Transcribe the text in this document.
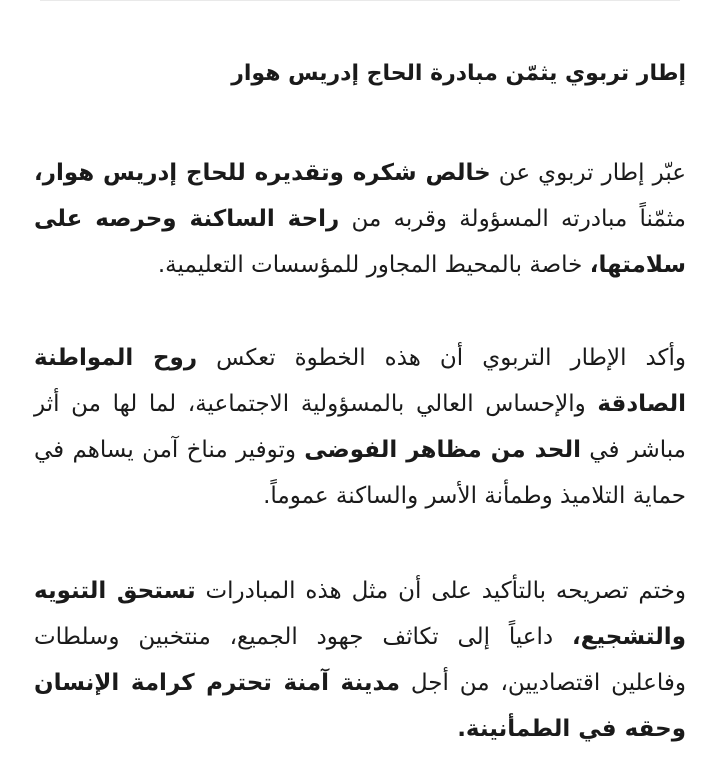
إطار تربوي يثمّن مبادرة الحاج إدريس هوار

عبّر إطار تربوي عن خالص شكره وتقديره للحاج إدريس هوار، مثمّناً مبادرته المسؤولة وقربه من راحة الساكنة وحرصه على سلامتها، خاصة بالمحيط المجاور للمؤسسات التعليمية.

وأكد الإطار التربوي أن هذه الخطوة تعكس روح المواطنة الصادقة والإحساس العالي بالمسؤولية الاجتماعية، لما لها من أثر مباشر في الحد من مظاهر الفوضى وتوفير مناخ آمن يساهم في حماية التلاميذ وطمأنة الأسر والساكنة عموماً.

وختم تصريحه بالتأكيد على أن مثل هذه المبادرات تستحق التنويه والتشجيع، داعياً إلى تكاثف جهود الجميع، منتخبين وسلطات وفاعلين اقتصاديين، من أجل مدينة آمنة تحترم كرامة الإنسان وحقه في الطمأنينة.
